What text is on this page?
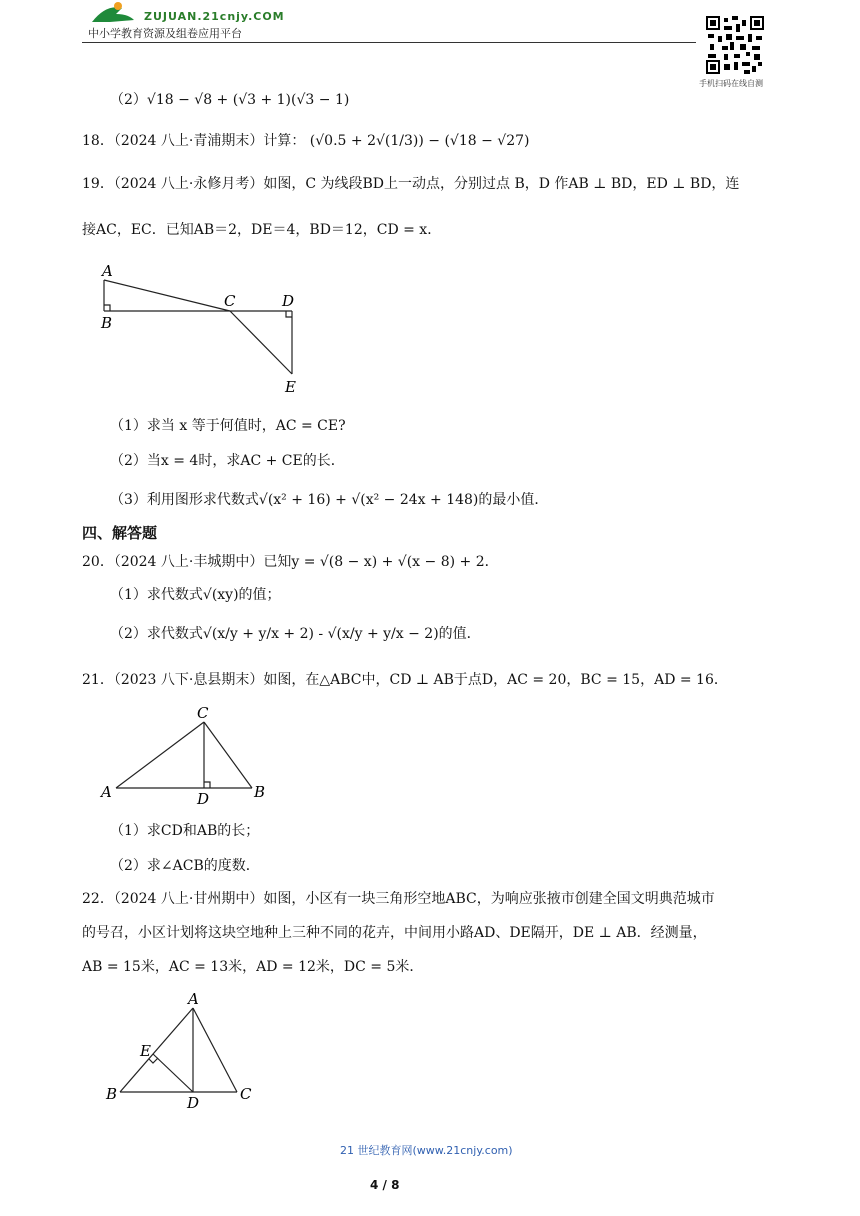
ZUJUAN.21cnjy.COM
中小学教育资源及组卷应用平台
手机扫码在线自测
（2）√18 − √8 + (√3 + 1)(√3 − 1)
18．（2024 八上·青浦期末）计算： (√0.5 + 2√(1/3)) − (√18 − √27)
19．（2024 八上·永修月考）如图，C 为线段BD上一动点，分别过点 B，D 作AB ⊥ BD，ED ⊥ BD，连
接AC，EC．已知AB＝2，DE＝4，BD＝12，CD = x．
A
B
C	D
E
（1）求当 x 等于何值时，AC = CE?
（2）当x = 4时，求AC + CE的长．
（3）利用图形求代数式√(x² + 16) + √(x² − 24x + 148)的最小值．
四、解答题
20．（2024 八上·丰城期中）已知y = √(8 − x) + √(x − 8) + 2．
（1）求代数式√(xy)的值；
（2）求代数式√(x/y + y/x + 2) - √(x/y + y/x − 2)的值．
21．（2023 八下·息县期末）如图，在△ABC中，CD ⊥ AB于点D，AC = 20，BC = 15，AD = 16．
C
A	D	B
（1）求CD和AB的长；
（2）求∠ACB的度数．
22．（2024 八上·甘州期中）如图，小区有一块三角形空地ABC，为响应张掖市创建全国文明典范城市
的号召，小区计划将这块空地种上三种不同的花卉，中间用小路AD、DE隔开，DE ⊥ AB．经测量，
AB = 15米，AC = 13米，AD = 12米，DC = 5米．
A
E
B	D	C
21 世纪教育网(www.21cnjy.com)
4 / 8
